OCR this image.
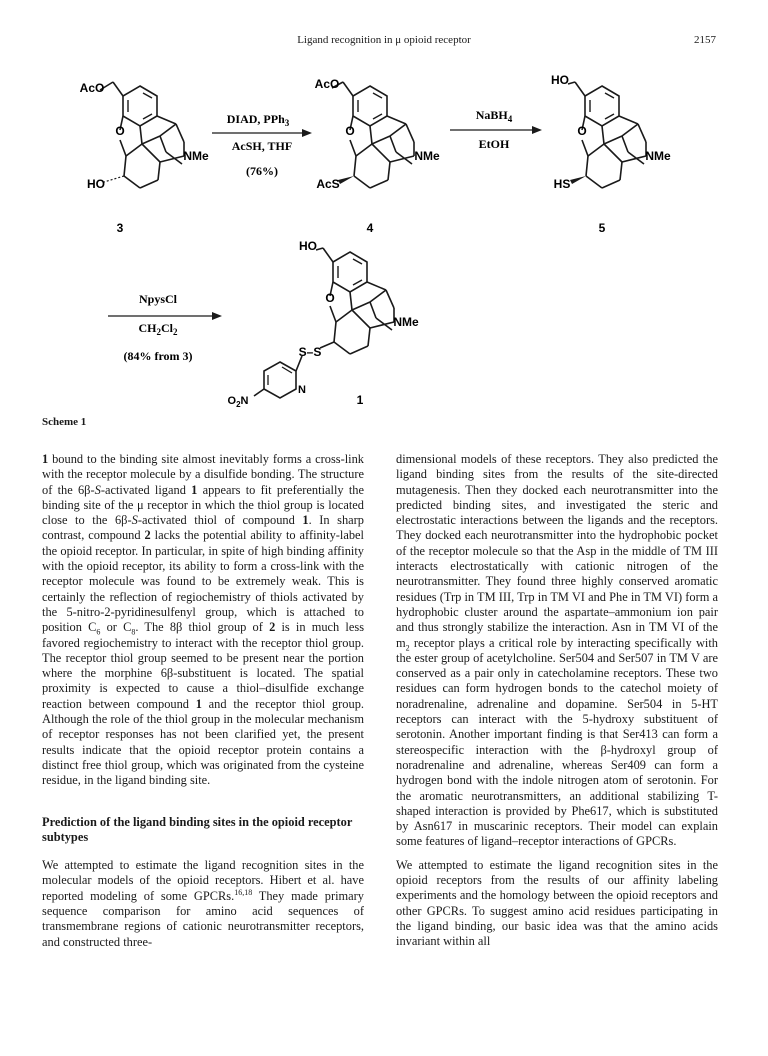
Ligand recognition in μ opioid receptor	2157
AcO
O
NMe
HO
3
DIAD, PPh$_3$
AcSH, THF
(76%)
AcO
O
NMe
AcS
4
NaBH$_4$
EtOH
HO
O
NMe
HS
5
NpysCl
$CH_2Cl_2$
(84% from 3)
HO
O
NMe
S–S
N
$O_2N$	1
Scheme 1

1 bound to the binding site almost inevitably forms a cross-link with the receptor molecule by a disulfide bonding. The structure of the 6β-S-activated ligand 1 appears to fit preferentially the binding site of the μ receptor in which the thiol group is located close to the 6β-S-activated thiol of compound 1. In sharp contrast, compound 2 lacks the potential ability to affinity-label the opioid receptor. In particular, in spite of high binding affinity with the opioid receptor, its ability to form a cross-link with the receptor molecule was found to be extremely weak. This is certainly the reflection of regiochemistry of thiols activated by the 5-nitro-2-pyridinesulfenyl group, which is attached to position $C_6$ or $C_8$. The 8β thiol group of 2 is in much less favored regiochemistry to interact with the receptor thiol group. The receptor thiol group seemed to be present near the portion where the morphine 6β-substituent is located. The spatial proximity is expected to cause a thiol–disulfide exchange reaction between compound 1 and the receptor thiol group. Although the role of the thiol group in the molecular mechanism of receptor responses has not been clarified yet, the present results indicate that the opioid receptor protein contains a distinct free thiol group, which was originated from the cysteine residue, in the ligand binding site.

Prediction of the ligand binding sites in the opioid receptor subtypes

We attempted to estimate the ligand recognition sites in the molecular models of the opioid receptors. Hibert et al. have reported modeling of some GPCRs.$^{16,18}$ They made primary sequence comparison for amino acid sequences of transmembrane regions of cationic neurotransmitter receptors, and constructed three-

dimensional models of these receptors. They also predicted the ligand binding sites from the results of the site-directed mutagenesis. Then they docked each neurotransmitter into the predicted binding sites, and investigated the steric and electrostatic interactions between the ligands and the receptors. They docked each neurotransmitter into the hydrophobic pocket of the receptor molecule so that the Asp in the middle of TM III interacts electrostatically with cationic nitrogen of the neurotransmitter. They found three highly conserved aromatic residues (Trp in TM III, Trp in TM VI and Phe in TM VI) form a hydrophobic cluster around the aspartate–ammonium ion pair and thus strongly stabilize the interaction. Asn in TM VI of the $m_2$ receptor plays a critical role by interacting specifically with the ester group of acetylcholine. Ser504 and Ser507 in TM V are conserved as a pair only in catecholamine receptors. These two residues can form hydrogen bonds to the catechol moiety of noradrenaline, adrenaline and dopamine. Ser504 in 5-HT receptors can interact with the 5-hydroxy substituent of serotonin. Another important finding is that Ser413 can form a stereospecific interaction with the β-hydroxyl group of noradrenaline and adrenaline, whereas Ser409 can form a hydrogen bond with the indole nitrogen atom of serotonin. For the aromatic neurotransmitters, an additional stabilizing T-shaped interaction is provided by Phe617, which is substituted by Asn617 in muscarinic receptors. Their model can explain some features of ligand–receptor interactions of GPCRs.

We attempted to estimate the ligand recognition sites in the opioid receptors from the results of our affinity labeling experiments and the homology between the opioid receptors and other GPCRs. To suggest amino acid residues participating in the ligand binding, our basic idea was that the amino acids invariant within all
